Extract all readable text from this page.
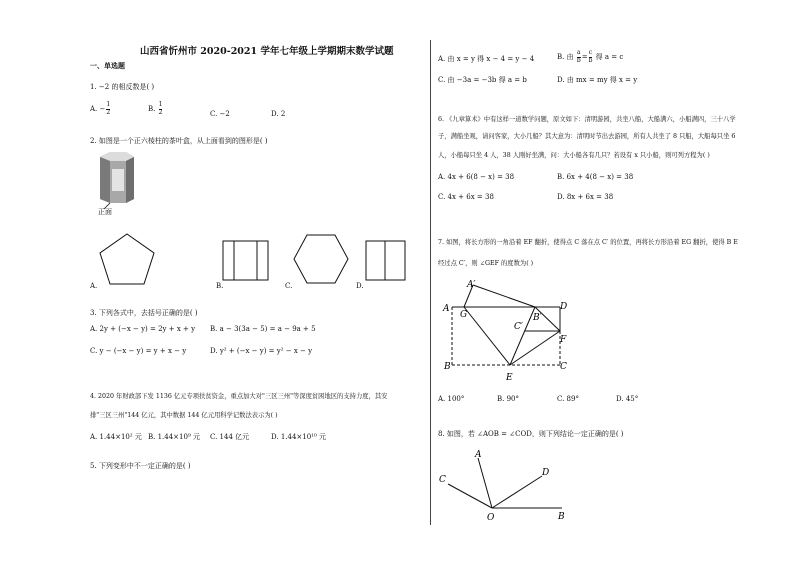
山西省忻州市 2020-2021 学年七年级上学期期末数学试题
一、单选题
1. −2 的相反数是( )
A. − $\frac{1}{2}$	B. $\frac{1}{2}$	C. −2	D. 2
2. 如图是一个正六棱柱的茶叶盒，从上面看到的图形是( )
正面
A.	B.	C.	D.
3. 下列各式中，去括号正确的是( )
A. 2y + (−x − y) = 2y + x + y B. a − 3(3a − 5) = a − 9a + 5
C. y − (−x − y) = y + x − y	D. y² + (−x − y) = y² − x − y
4. 2020 年财政部下发 1136 亿元专项扶贫资金，重点加大对"三区三州"等深度贫困地区的支持力度，其安
排"三区三州"144 亿元，其中数据 144 亿元用科学记数法表示为( )
A. 1.44×10² 元 B. 1.44×10⁹ 元 C. 144 亿元	D. 1.44×10¹⁰ 元
5. 下列变形中不一定正确的是( )
A. 由 x = y 得 x − 4 = y − 4	B. 由 $\frac{a}{b} = \frac{c}{b}$ 得 a = c
C. 由 −3a = −3b 得 a = b	D. 由 mx = my 得 x = y
6. 《九章算术》中有这样一道数学问题，原文如下：清明游园，共坐八船，大船满六，小船满四，三十八学
子，满船坐观，请问客家，大小几船？其大意为：清明时节出去游园，所有人共坐了 8 只船，大船每只坐 6
人，小船每只坐 4 人，38 人刚好坐满，问：大小船各有几只？若设有 x 只小船，则可列方程为( )
A. 4x + 6(8 − x) = 38	B. 6x + 4(8 − x) = 38
C. 4x + 6x = 38	D. 8x + 6x = 38
7. 如图，将长方形的一角沿着 EF 翻折，使得点 C 落在点 C′ 的位置，再将长方形沿着 EG 翻折，使得 B E
经过点 C′，则 ∠GEF 的度数为( )
A′
A
G
D
B′
C′
F
B
E
C
A. 100°	B. 90°	C. 89°	D. 45°
8. 如图，若 ∠AOB = ∠COD，则下列结论一定正确的是( )
A
C
D
O	B
